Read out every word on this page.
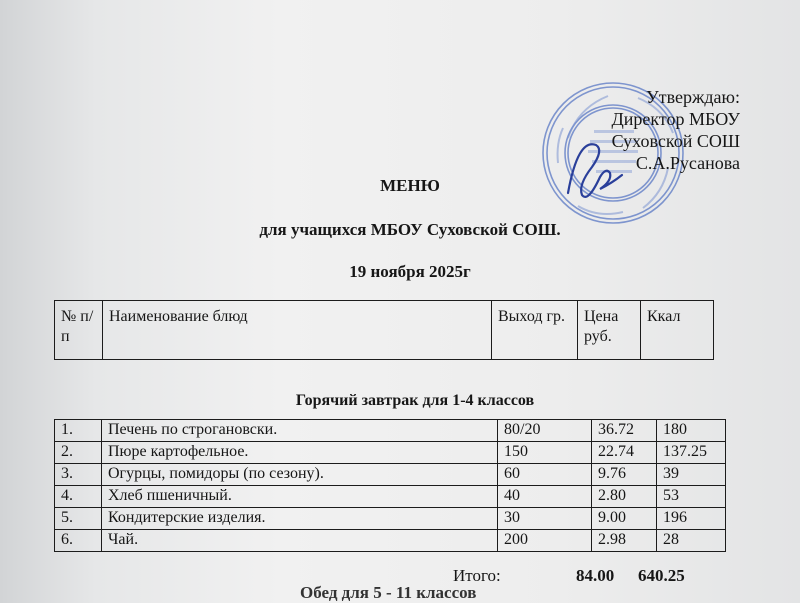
Утверждаю:
Директор МБОУ
Суховской СОШ
С.А.Русанова
МЕНЮ
для учащихся МБОУ Суховской СОШ.
19 ноября 2025г
№ п/п	Наименование блюд	Выход гр.	Цена руб.	Ккал
Горячий завтрак для 1-4 классов
1.	Печень по строгановски.	80/20	36.72	180
2.	Пюре картофельное.	150	22.74	137.25
3.	Огурцы, помидоры (по сезону).	60	9.76	39
4.	Хлеб пшеничный.	40	2.80	53
5.	Кондитерские изделия.	30	9.00	196
6.	Чай.	200	2.98	28
Итого:	84.00 640.25
Обед для 5 - 11 классов
